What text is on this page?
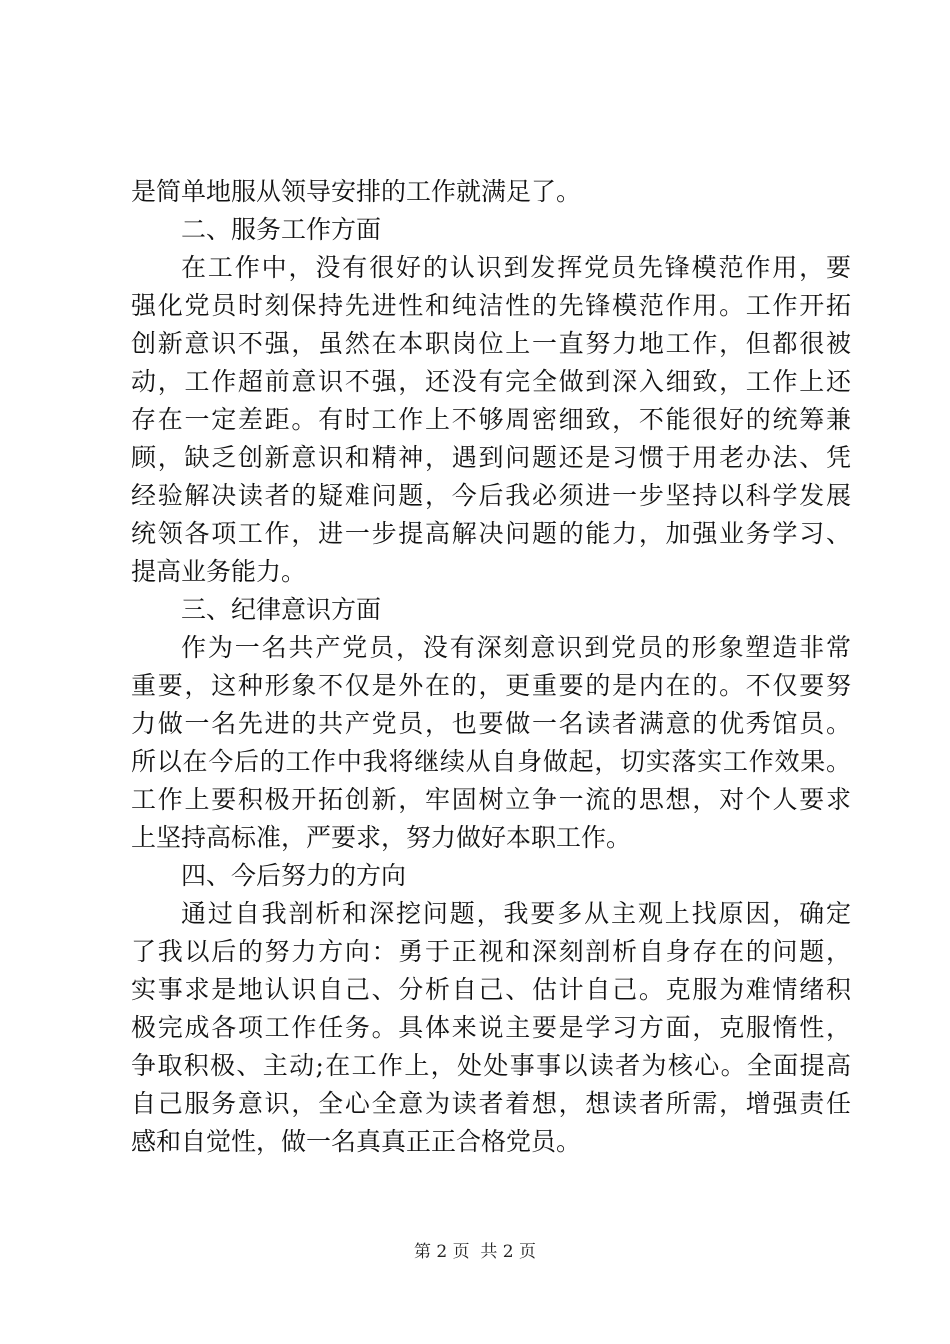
是简单地服从领导安排的工作就满足了。
二、服务工作方面
在工作中，没有很好的认识到发挥党员先锋模范作用，要
强化党员时刻保持先进性和纯洁性的先锋模范作用。工作开拓
创新意识不强，虽然在本职岗位上一直努力地工作，但都很被
动，工作超前意识不强，还没有完全做到深入细致，工作上还
存在一定差距。有时工作上不够周密细致，不能很好的统筹兼
顾，缺乏创新意识和精神，遇到问题还是习惯于用老办法、凭
经验解决读者的疑难问题，今后我必须进一步坚持以科学发展
统领各项工作，进一步提高解决问题的能力，加强业务学习、
提高业务能力。
三、纪律意识方面
作为一名共产党员，没有深刻意识到党员的形象塑造非常
重要，这种形象不仅是外在的，更重要的是内在的。不仅要努
力做一名先进的共产党员，也要做一名读者满意的优秀馆员。
所以在今后的工作中我将继续从自身做起，切实落实工作效果。
工作上要积极开拓创新，牢固树立争一流的思想，对个人要求
上坚持高标准，严要求，努力做好本职工作。
四、今后努力的方向
通过自我剖析和深挖问题，我要多从主观上找原因，确定
了我以后的努力方向：勇于正视和深刻剖析自身存在的问题，
实事求是地认识自己、分析自己、估计自己。克服为难情绪积
极完成各项工作任务。具体来说主要是学习方面，克服惰性，
争取积极、主动;在工作上，处处事事以读者为核心。全面提高
自己服务意识，全心全意为读者着想，想读者所需，增强责任
感和自觉性，做一名真真正正合格党员。
第 2 页  共 2 页
